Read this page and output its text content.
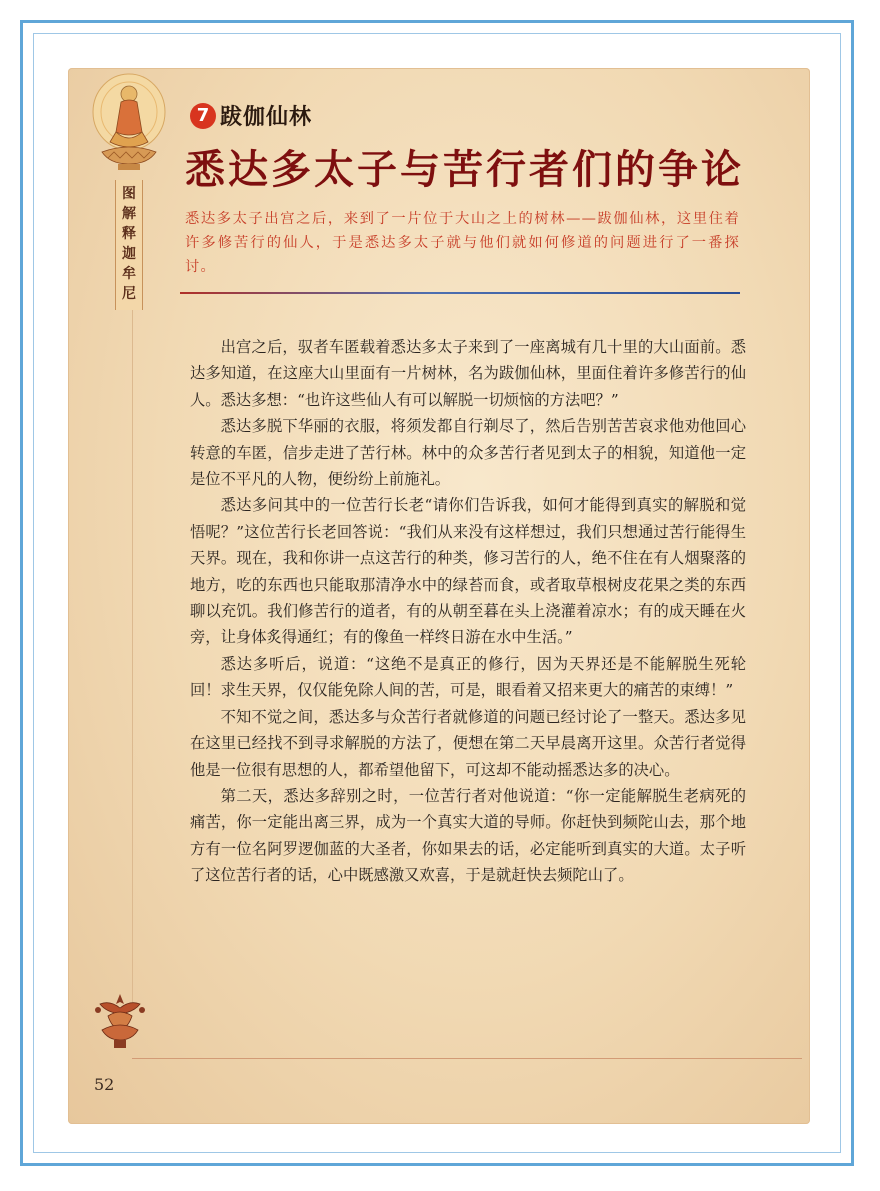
图
解
释
迦
牟
尼
7 跋伽仙林
悉达多太子与苦行者们的争论
悉达多太子出宫之后，来到了一片位于大山之上的树林——跋伽仙林，这里住着许多修苦行的仙人，于是悉达多太子就与他们就如何修道的问题进行了一番探讨。

出宫之后，驭者车匿载着悉达多太子来到了一座离城有几十里的大山面前。悉达多知道，在这座大山里面有一片树林，名为跋伽仙林，里面住着许多修苦行的仙人。悉达多想：“也许这些仙人有可以解脱一切烦恼的方法吧？”

悉达多脱下华丽的衣服，将须发都自行剃尽了，然后告别苦苦哀求他劝他回心转意的车匿，信步走进了苦行林。林中的众多苦行者见到太子的相貌，知道他一定是位不平凡的人物，便纷纷上前施礼。

悉达多问其中的一位苦行长老“请你们告诉我，如何才能得到真实的解脱和觉悟呢？”这位苦行长老回答说：“我们从来没有这样想过，我们只想通过苦行能得生天界。现在，我和你讲一点这苦行的种类，修习苦行的人，绝不住在有人烟聚落的地方，吃的东西也只能取那清净水中的绿苔而食，或者取草根树皮花果之类的东西聊以充饥。我们修苦行的道者，有的从朝至暮在头上浇灌着凉水；有的成天睡在火旁，让身体炙得通红；有的像鱼一样终日游在水中生活。”

悉达多听后，说道：“这绝不是真正的修行，因为天界还是不能解脱生死轮回！求生天界，仅仅能免除人间的苦，可是，眼看着又招来更大的痛苦的束缚！”

不知不觉之间，悉达多与众苦行者就修道的问题已经讨论了一整天。悉达多见在这里已经找不到寻求解脱的方法了，便想在第二天早晨离开这里。众苦行者觉得他是一位很有思想的人，都希望他留下，可这却不能动摇悉达多的决心。

第二天，悉达多辞别之时，一位苦行者对他说道：“你一定能解脱生老病死的痛苦，你一定能出离三界，成为一个真实大道的导师。你赶快到频陀山去，那个地方有一位名阿罗逻伽蓝的大圣者，你如果去的话，必定能听到真实的大道。太子听了这位苦行者的话，心中既感激又欢喜，于是就赶快去频陀山了。

52
